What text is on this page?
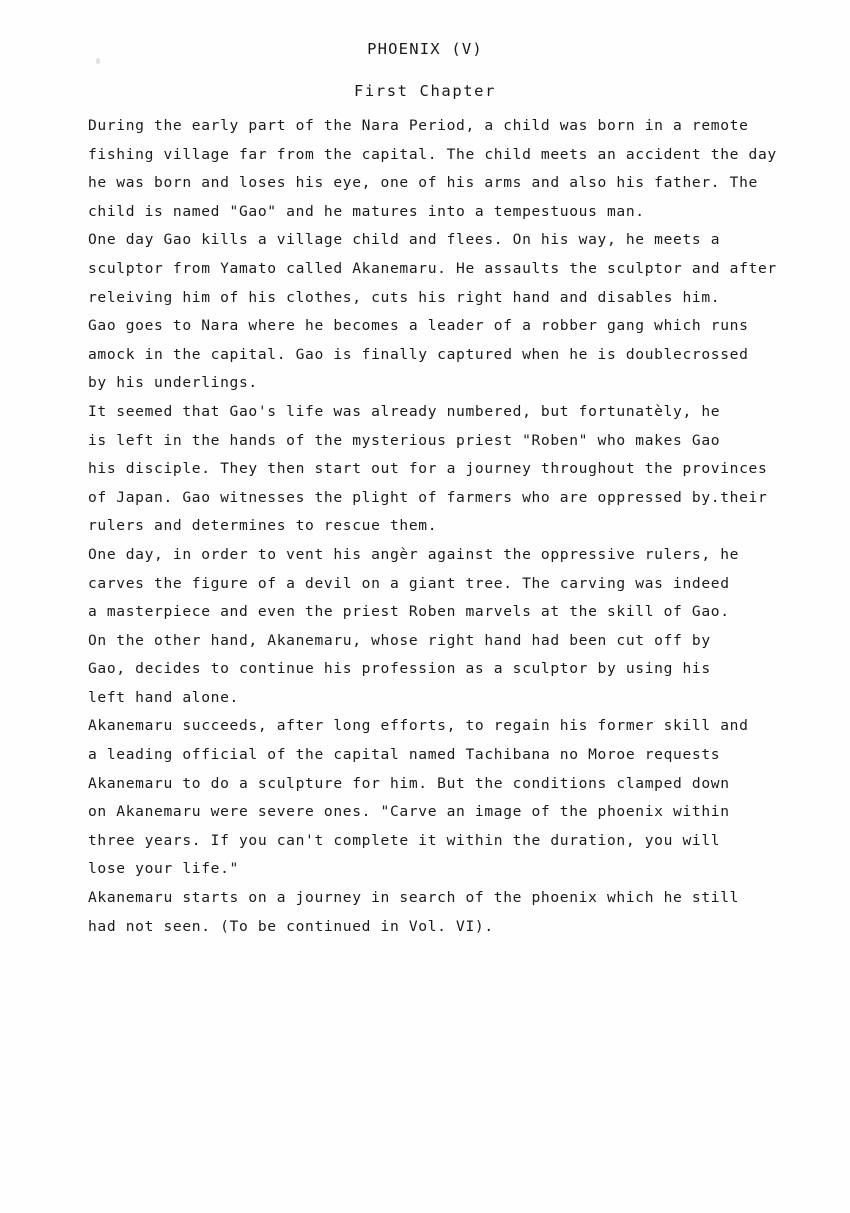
PHOENIX (V)
First Chapter
During the early part of the Nara Period, a child was born in a remote
fishing village far from the capital. The child meets an accident the day
he was born and loses his eye, one of his arms and also his father. The
child is named "Gao" and he matures into a tempestuous man.
One day Gao kills a village child and flees. On his way, he meets a
sculptor from Yamato called Akanemaru. He assaults the sculptor and after
releiving him of his clothes, cuts his right hand and disables him.
Gao goes to Nara where he becomes a leader of a robber gang which runs
amock in the capital. Gao is finally captured when he is doublecrossed
by his underlings.
It seemed that Gao's life was already numbered, but fortunatèly, he
is left in the hands of the mysterious priest "Roben" who makes Gao
his disciple. They then start out for a journey throughout the provinces
of Japan. Gao witnesses the plight of farmers who are oppressed by.their
rulers and determines to rescue them.
One day, in order to vent his angèr against the oppressive rulers, he
carves the figure of a devil on a giant tree. The carving was indeed
a masterpiece and even the priest Roben marvels at the skill of Gao.
On the other hand, Akanemaru, whose right hand had been cut off by
Gao, decides to continue his profession as a sculptor by using his
left hand alone.
Akanemaru succeeds, after long efforts, to regain his former skill and
a leading official of the capital named Tachibana no Moroe requests
Akanemaru to do a sculpture for him. But the conditions clamped down
on Akanemaru were severe ones. "Carve an image of the phoenix within
three years. If you can't complete it within the duration, you will
lose your life."
Akanemaru starts on a journey in search of the phoenix which he still
had not seen. (To be continued in Vol. VI).
